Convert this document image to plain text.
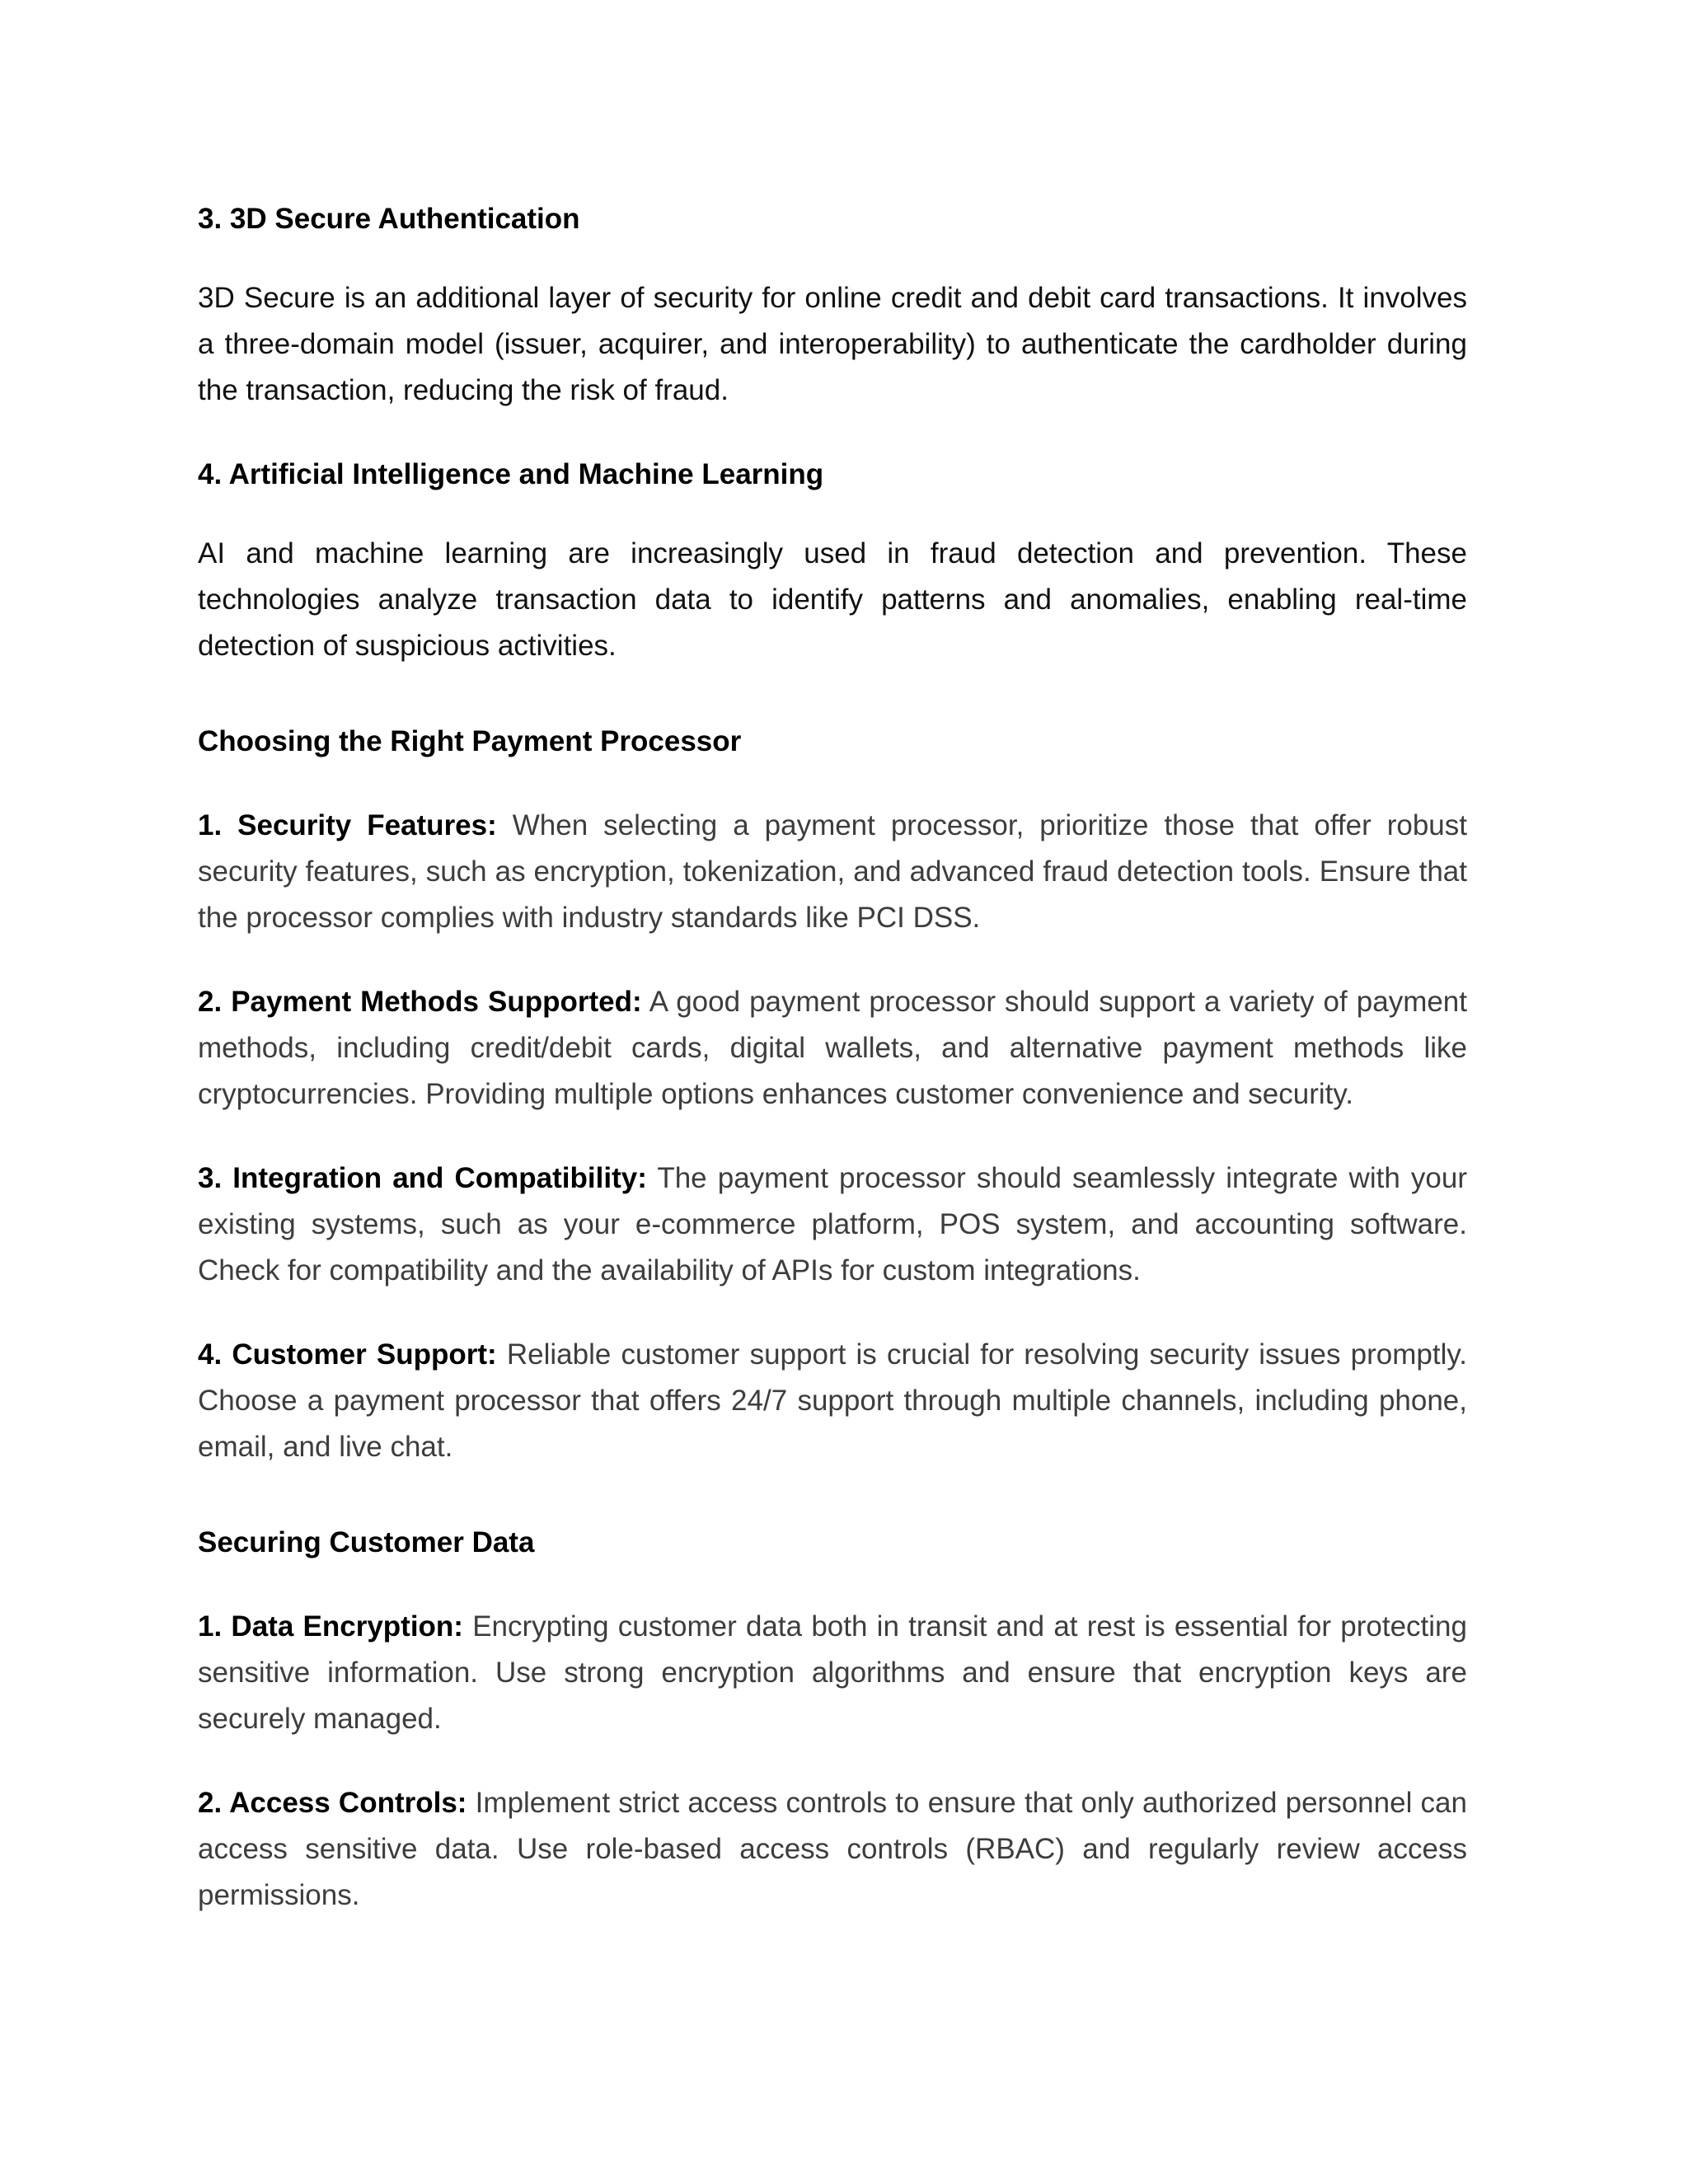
3. 3D Secure Authentication

3D Secure is an additional layer of security for online credit and debit card transactions. It involves a three-domain model (issuer, acquirer, and interoperability) to authenticate the cardholder during the transaction, reducing the risk of fraud.

4. Artificial Intelligence and Machine Learning

AI and machine learning are increasingly used in fraud detection and prevention. These technologies analyze transaction data to identify patterns and anomalies, enabling real-time detection of suspicious activities.

Choosing the Right Payment Processor

1. Security Features: When selecting a payment processor, prioritize those that offer robust security features, such as encryption, tokenization, and advanced fraud detection tools. Ensure that the processor complies with industry standards like PCI DSS.

2. Payment Methods Supported: A good payment processor should support a variety of payment methods, including credit/debit cards, digital wallets, and alternative payment methods like cryptocurrencies. Providing multiple options enhances customer convenience and security.

3. Integration and Compatibility: The payment processor should seamlessly integrate with your existing systems, such as your e-commerce platform, POS system, and accounting software. Check for compatibility and the availability of APIs for custom integrations.

4. Customer Support: Reliable customer support is crucial for resolving security issues promptly. Choose a payment processor that offers 24/7 support through multiple channels, including phone, email, and live chat.

Securing Customer Data

1. Data Encryption: Encrypting customer data both in transit and at rest is essential for protecting sensitive information. Use strong encryption algorithms and ensure that encryption keys are securely managed.

2. Access Controls: Implement strict access controls to ensure that only authorized personnel can access sensitive data. Use role-based access controls (RBAC) and regularly review access permissions.
